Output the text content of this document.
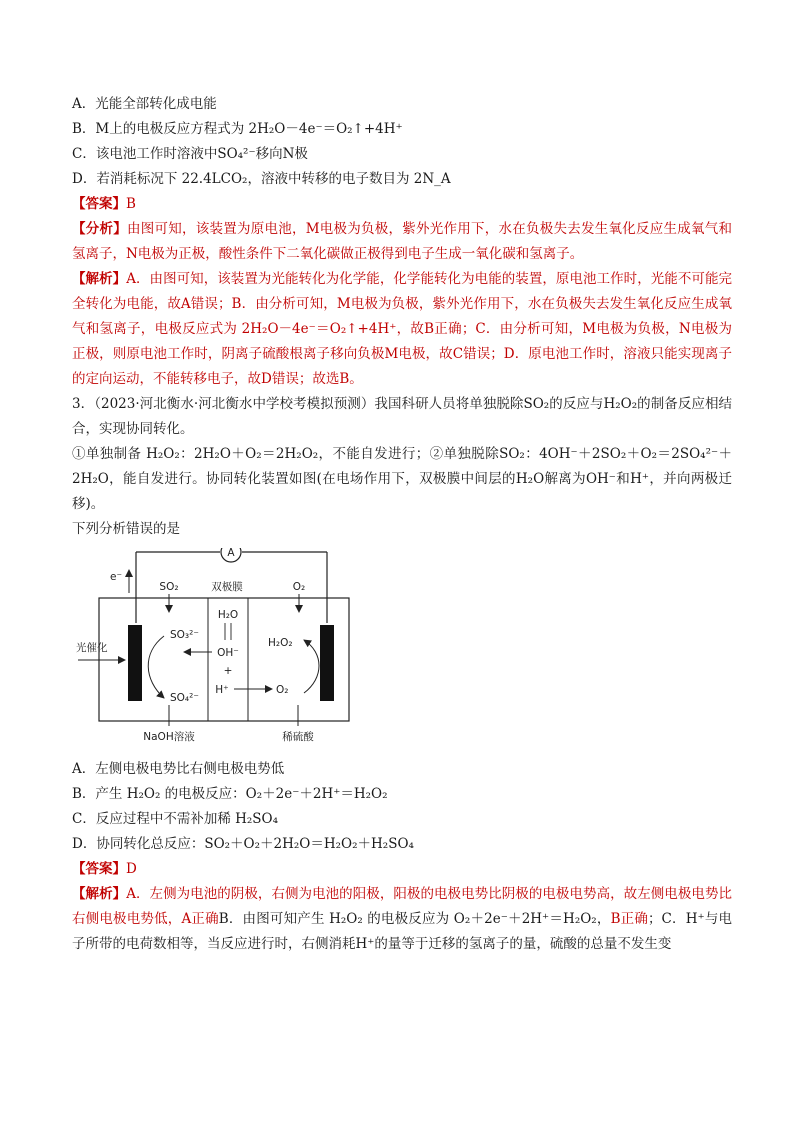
A．光能全部转化成电能
B．M上的电极反应方程式为 2H₂O－4e⁻＝O₂↑+4H⁺
C．该电池工作时溶液中SO₄²⁻移向N极
D．若消耗标况下 22.4LCO₂，溶液中转移的电子数目为 2N_A
【答案】B
【分析】由图可知，该装置为原电池，M电极为负极，紫外光作用下，水在负极失去发生氧化反应生成氧气和氢离子，N电极为正极，酸性条件下二氧化碳做正极得到电子生成一氧化碳和氢离子。
【解析】A．由图可知，该装置为光能转化为化学能，化学能转化为电能的装置，原电池工作时，光能不可能完全转化为电能，故A错误；B．由分析可知，M电极为负极，紫外光作用下，水在负极失去发生氧化反应生成氧气和氢离子，电极反应式为 2H₂O－4e⁻＝O₂↑+4H⁺，故B正确；C．由分析可知，M电极为负极，N电极为正极，则原电池工作时，阴离子硫酸根离子移向负极M电极，故C错误；D．原电池工作时，溶液只能实现离子的定向运动，不能转移电子，故D错误；故选B。
3．（2023·河北衡水·河北衡水中学校考模拟预测）我国科研人员将单独脱除SO₂的反应与H₂O₂的制备反应相结合，实现协同转化。
①单独制备 H₂O₂：2H₂O＋O₂＝2H₂O₂，不能自发进行；②单独脱除SO₂：4OH⁻＋2SO₂＋O₂＝2SO₄²⁻＋2H₂O，能自发进行。协同转化装置如图(在电场作用下，双极膜中间层的H₂O解离为OH⁻和H⁺，并向两极迁移)。
下列分析错误的是
A
e⁻
SO₂	双极膜	O₂
光催化
SO₃²⁻
SO₄²⁻
H₂O
OH⁻
+
H⁺
H₂O₂
O₂
NaOH溶液	稀硫酸
A．左侧电极电势比右侧电极电势低
B．产生 H₂O₂ 的电极反应：O₂＋2e⁻＋2H⁺＝H₂O₂
C．反应过程中不需补加稀 H₂SO₄
D．协同转化总反应：SO₂＋O₂＋2H₂O＝H₂O₂＋H₂SO₄
【答案】D
【解析】A．左侧为电池的阴极，右侧为电池的阳极，阳极的电极电势比阴极的电极电势高，故左侧电极电势比右侧电极电势低，A正确B．由图可知产生 H₂O₂ 的电极反应为 O₂＋2e⁻＋2H⁺＝H₂O₂，B正确；C．H⁺与电子所带的电荷数相等，当反应进行时，右侧消耗H⁺的量等于迁移的氢离子的量，硫酸的总量不发生变
